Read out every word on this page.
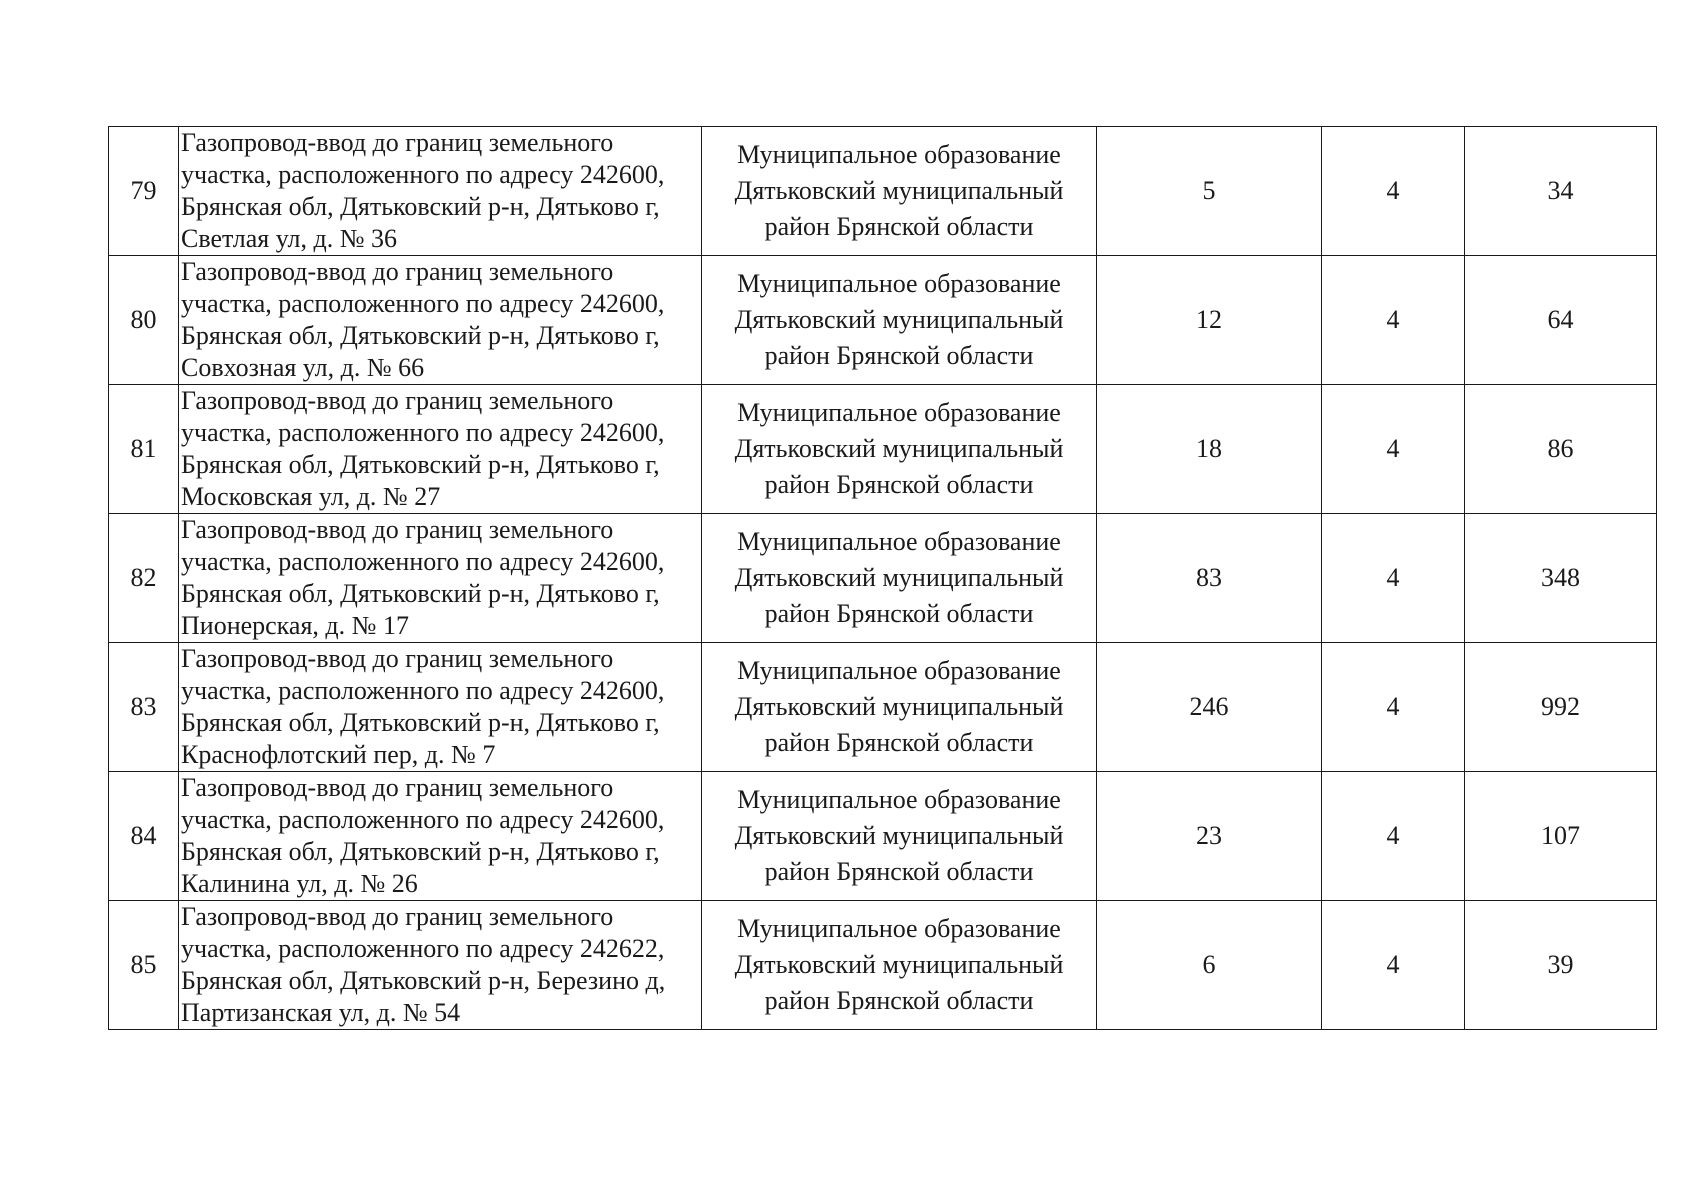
79	Газопровод-ввод до границ земельного участка, расположенного по адресу 242600, Брянская обл, Дятьковский р-н, Дятьково г, Светлая ул, д. № 36	Муниципальное образование Дятьковский муниципальный район Брянской области	5	4	34
80	Газопровод-ввод до границ земельного участка, расположенного по адресу 242600, Брянская обл, Дятьковский р-н, Дятьково г, Совхозная ул, д. № 66	Муниципальное образование Дятьковский муниципальный район Брянской области	12	4	64
81	Газопровод-ввод до границ земельного участка, расположенного по адресу 242600, Брянская обл, Дятьковский р-н, Дятьково г, Московская ул, д. № 27	Муниципальное образование Дятьковский муниципальный район Брянской области	18	4	86
82	Газопровод-ввод до границ земельного участка, расположенного по адресу 242600, Брянская обл, Дятьковский р-н, Дятьково г, Пионерская, д. № 17	Муниципальное образование Дятьковский муниципальный район Брянской области	83	4	348
83	Газопровод-ввод до границ земельного участка, расположенного по адресу 242600, Брянская обл, Дятьковский р-н, Дятьково г, Краснофлотский пер, д. № 7	Муниципальное образование Дятьковский муниципальный район Брянской области	246	4	992
84	Газопровод-ввод до границ земельного участка, расположенного по адресу 242600, Брянская обл, Дятьковский р-н, Дятьково г, Калинина ул, д. № 26	Муниципальное образование Дятьковский муниципальный район Брянской области	23	4	107
85	Газопровод-ввод до границ земельного участка, расположенного по адресу 242622, Брянская обл, Дятьковский р-н, Березино д, Партизанская ул, д. № 54	Муниципальное образование Дятьковский муниципальный район Брянской области	6	4	39
